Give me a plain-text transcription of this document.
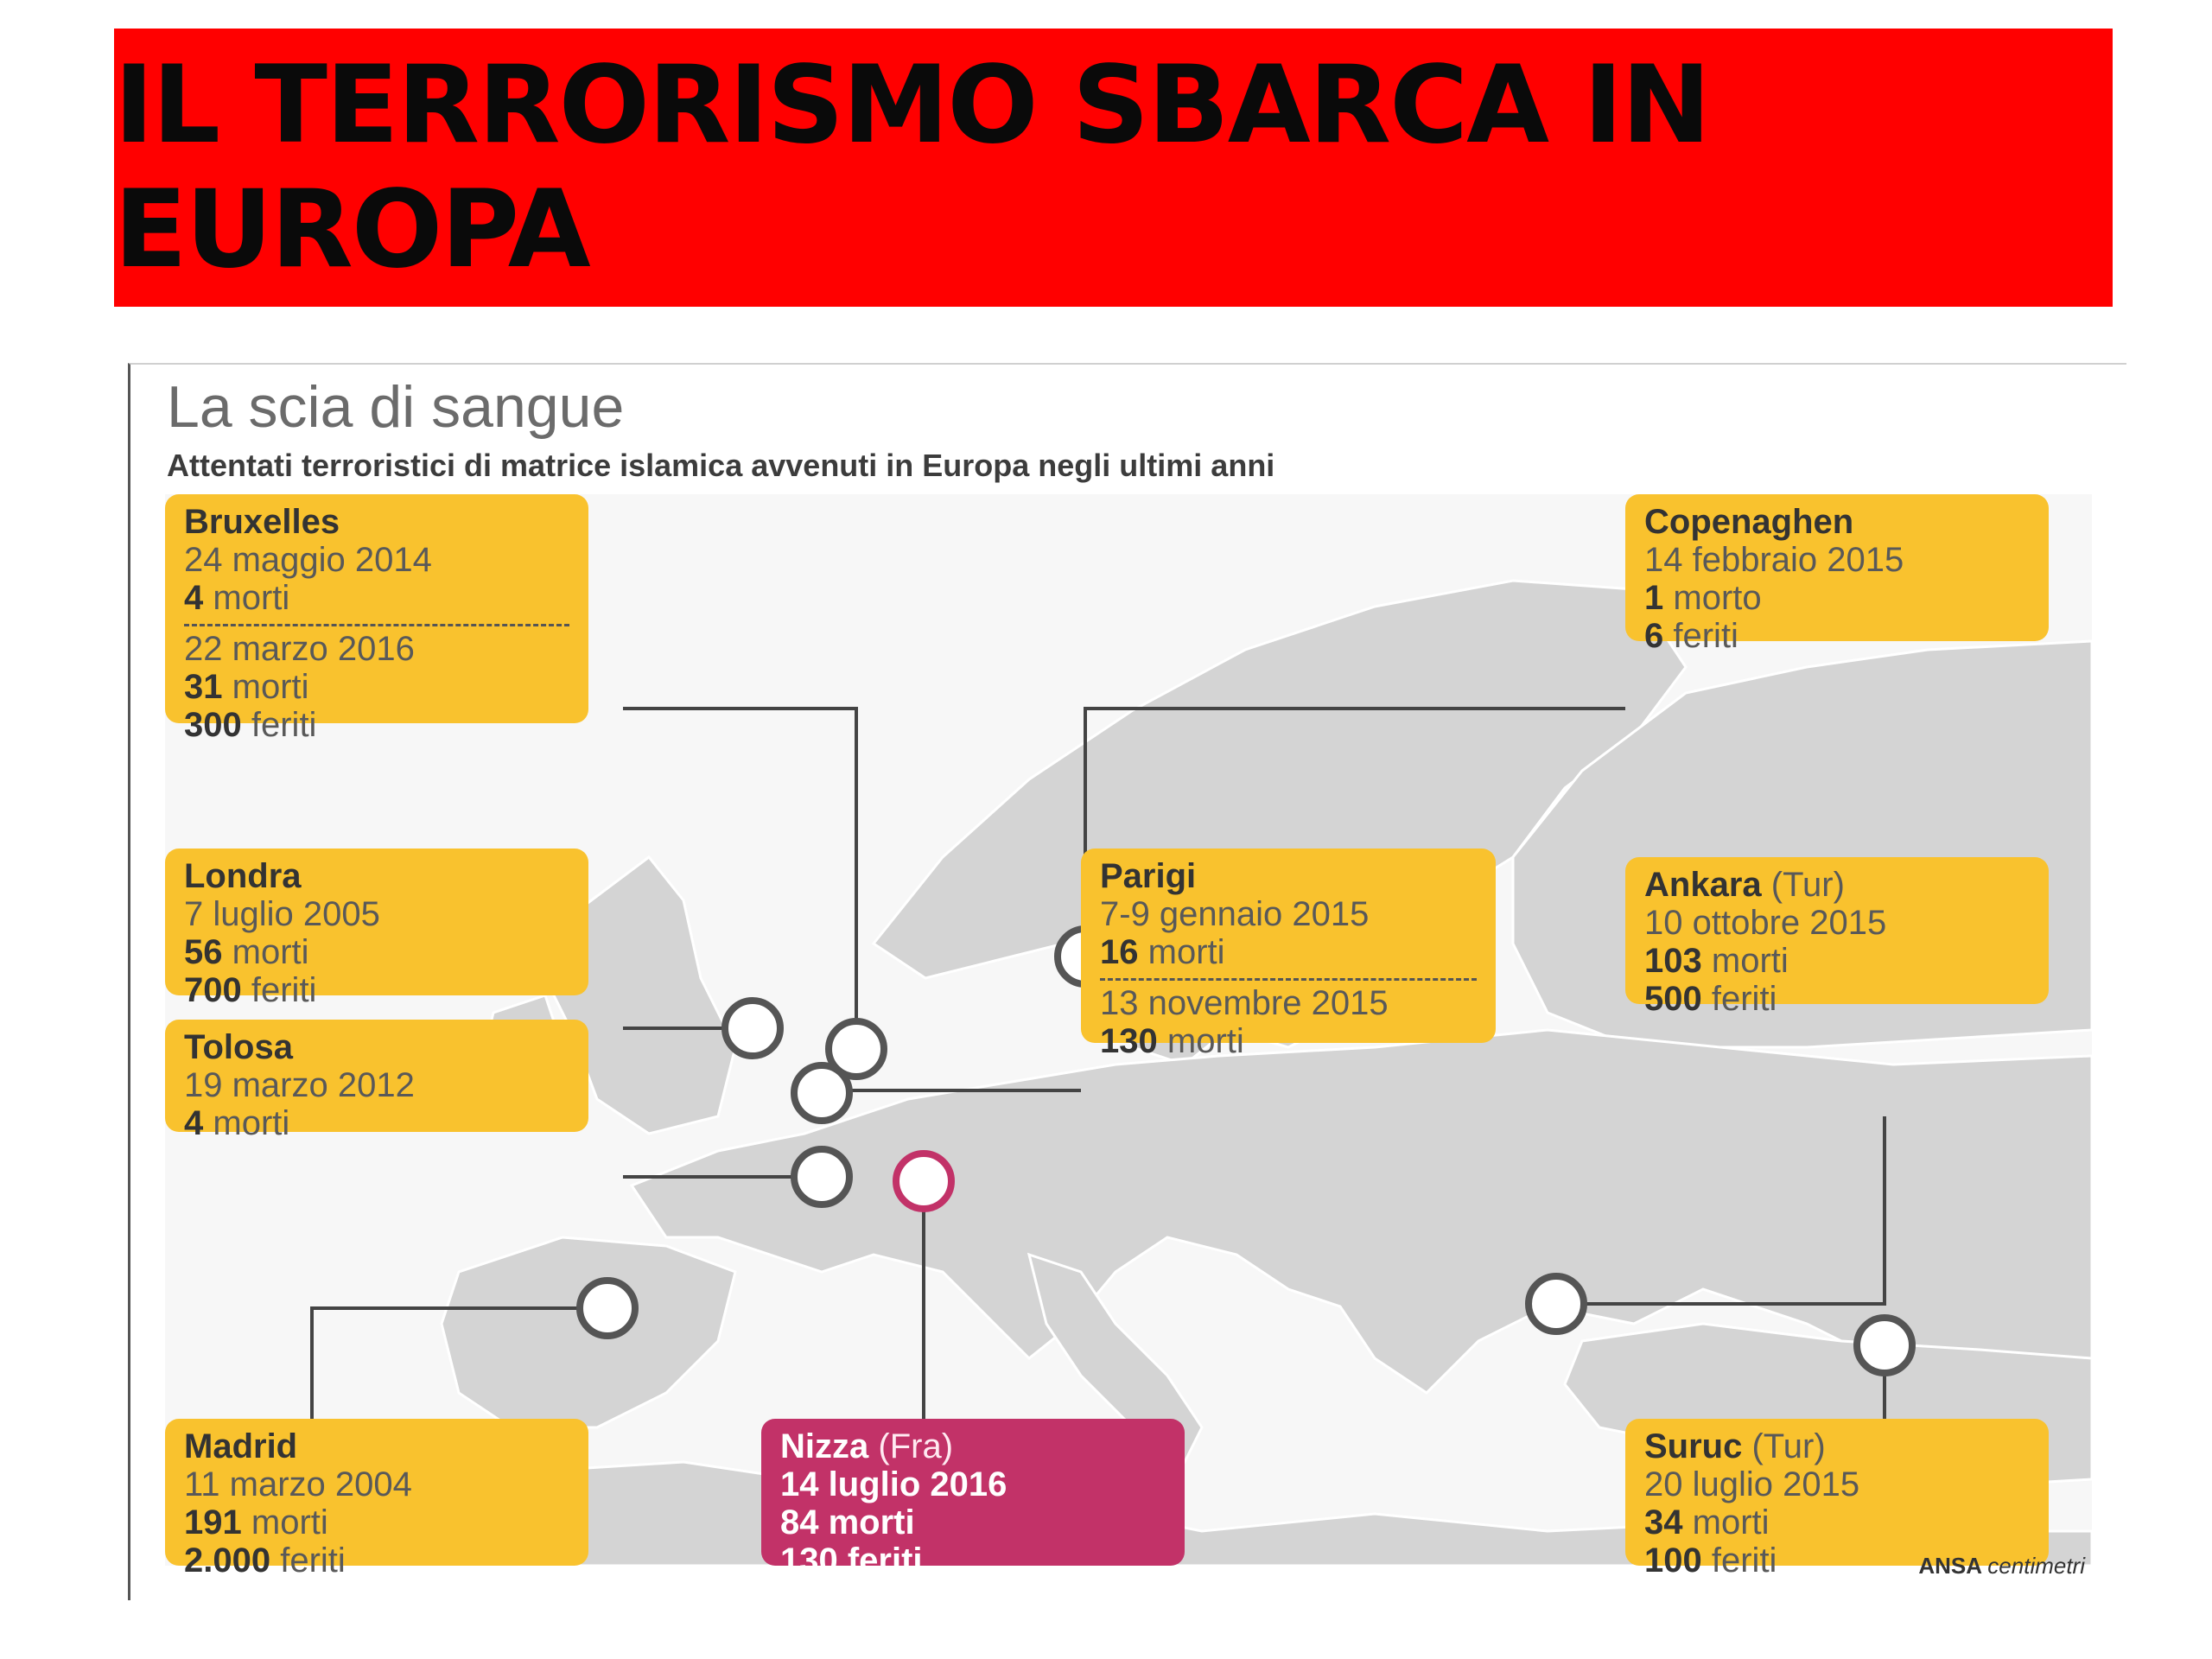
IL TERRORISMO SBARCA IN EUROPA
La scia di sangue

Attentati terroristici di matrice islamica avvenuti in Europa negli ultimi anni

Bruxelles
24 maggio 2014
4 morti
22 marzo 2016
31 morti
300 feriti
Copenaghen
14 febbraio 2015
1 morto
6 feriti
Londra
7 luglio 2005
56 morti
700 feriti
Parigi
7-9 gennaio 2015
16 morti
13 novembre 2015
130 morti
Ankara (Tur)
10 ottobre 2015
103 morti
500 feriti
Tolosa
19 marzo 2012
4 morti
Madrid
11 marzo 2004
191 morti
2.000 feriti
Nizza (Fra)
14 luglio 2016
84 morti
130 feriti
Suruc (Tur)
20 luglio 2015
34 morti
100 feriti	ANSA centimetri
